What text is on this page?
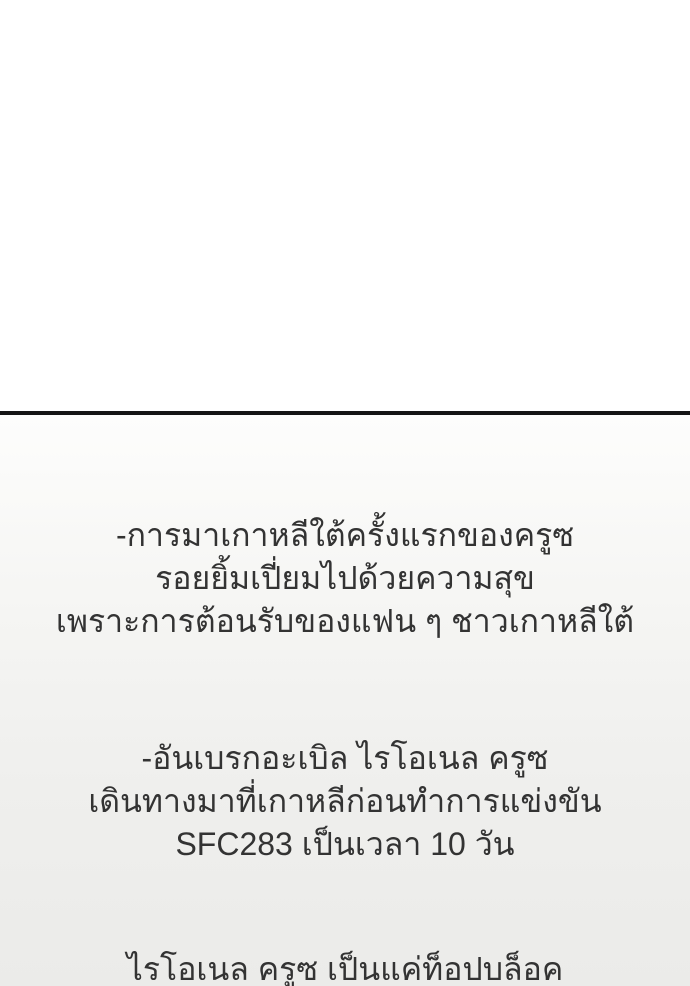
-การมาเกาหลีใต้ครั้งแรกของครูซ
รอยยิ้มเปี่ยมไปด้วยความสุข
เพราะการต้อนรับของแฟน ๆ ชาวเกาหลีใต้
-อันเบรกอะเบิล ไรโอเนล ครูซ
เดินทางมาที่เกาหลีก่อนทำการแข่งขัน
SFC283 เป็นเวลา 10 วัน
ไรโอเนล ครูซ เป็นแค่ท็อปบล็อค
